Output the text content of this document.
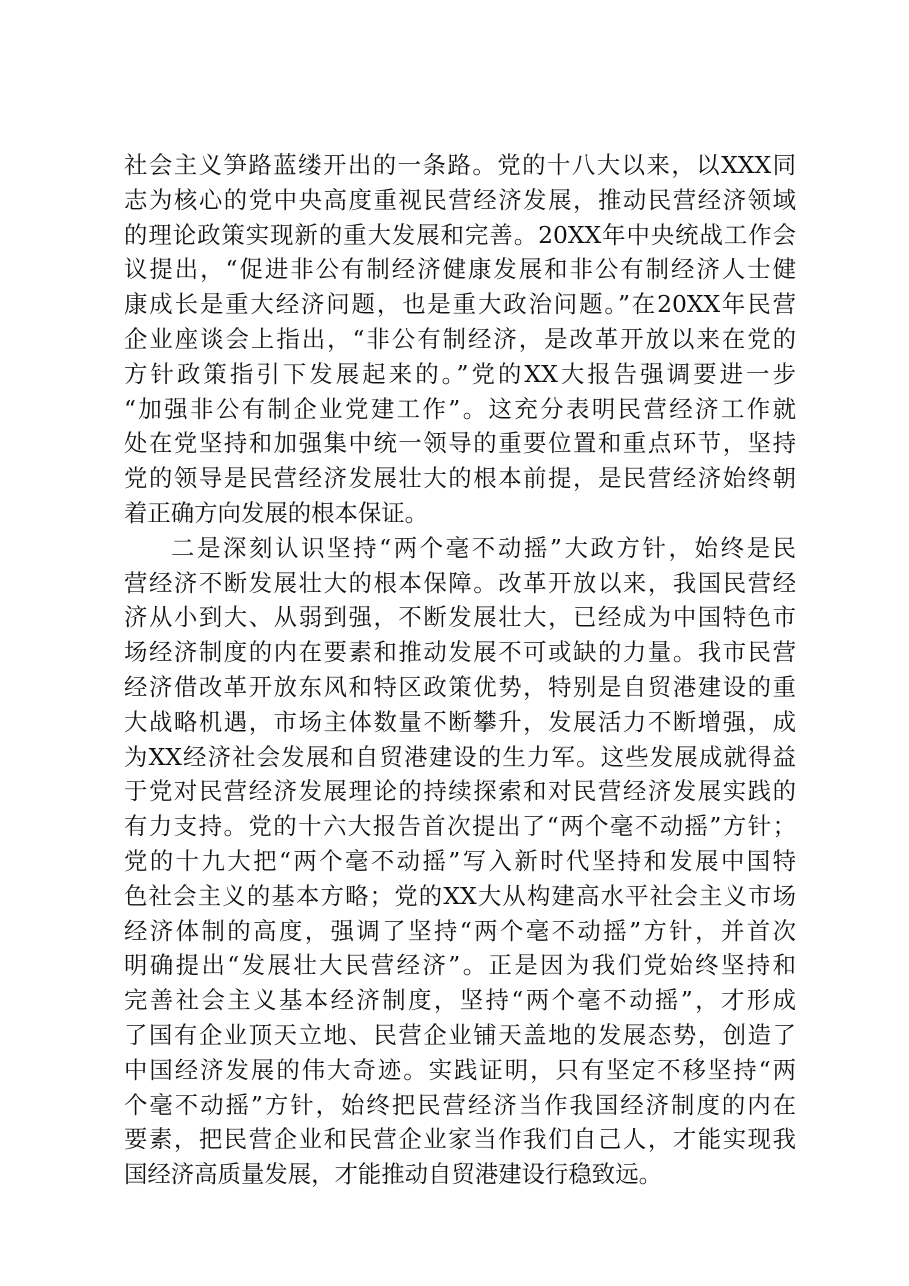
社会主义笋路蓝缕开出的一条路。党的十八大以来，以XXX同
志为核心的党中央高度重视民营经济发展，推动民营经济领域
的理论政策实现新的重大发展和完善。20XX年中央统战工作会
议提出，“促进非公有制经济健康发展和非公有制经济人士健
康成长是重大经济问题，也是重大政治问题。”在20XX年民营
企业座谈会上指出，“非公有制经济，是改革开放以来在党的
方针政策指引下发展起来的。”党的XX大报告强调要进一步
“加强非公有制企业党建工作”。这充分表明民营经济工作就
处在党坚持和加强集中统一领导的重要位置和重点环节，坚持
党的领导是民营经济发展壮大的根本前提，是民营经济始终朝
着正确方向发展的根本保证。
二是深刻认识坚持“两个毫不动摇”大政方针，始终是民
营经济不断发展壮大的根本保障。改革开放以来，我国民营经
济从小到大、从弱到强，不断发展壮大，已经成为中国特色市
场经济制度的内在要素和推动发展不可或缺的力量。我市民营
经济借改革开放东风和特区政策优势，特别是自贸港建设的重
大战略机遇，市场主体数量不断攀升，发展活力不断增强，成
为XX经济社会发展和自贸港建设的生力军。这些发展成就得益
于党对民营经济发展理论的持续探索和对民营经济发展实践的
有力支持。党的十六大报告首次提出了“两个毫不动摇”方针；
党的十九大把“两个毫不动摇”写入新时代坚持和发展中国特
色社会主义的基本方略；党的XX大从构建高水平社会主义市场
经济体制的高度，强调了坚持“两个毫不动摇”方针，并首次
明确提出“发展壮大民营经济”。正是因为我们党始终坚持和
完善社会主义基本经济制度，坚持“两个毫不动摇”，才形成
了国有企业顶天立地、民营企业铺天盖地的发展态势，创造了
中国经济发展的伟大奇迹。实践证明，只有坚定不移坚持“两
个毫不动摇”方针，始终把民营经济当作我国经济制度的内在
要素，把民营企业和民营企业家当作我们自己人，才能实现我
国经济高质量发展，才能推动自贸港建设行稳致远。
